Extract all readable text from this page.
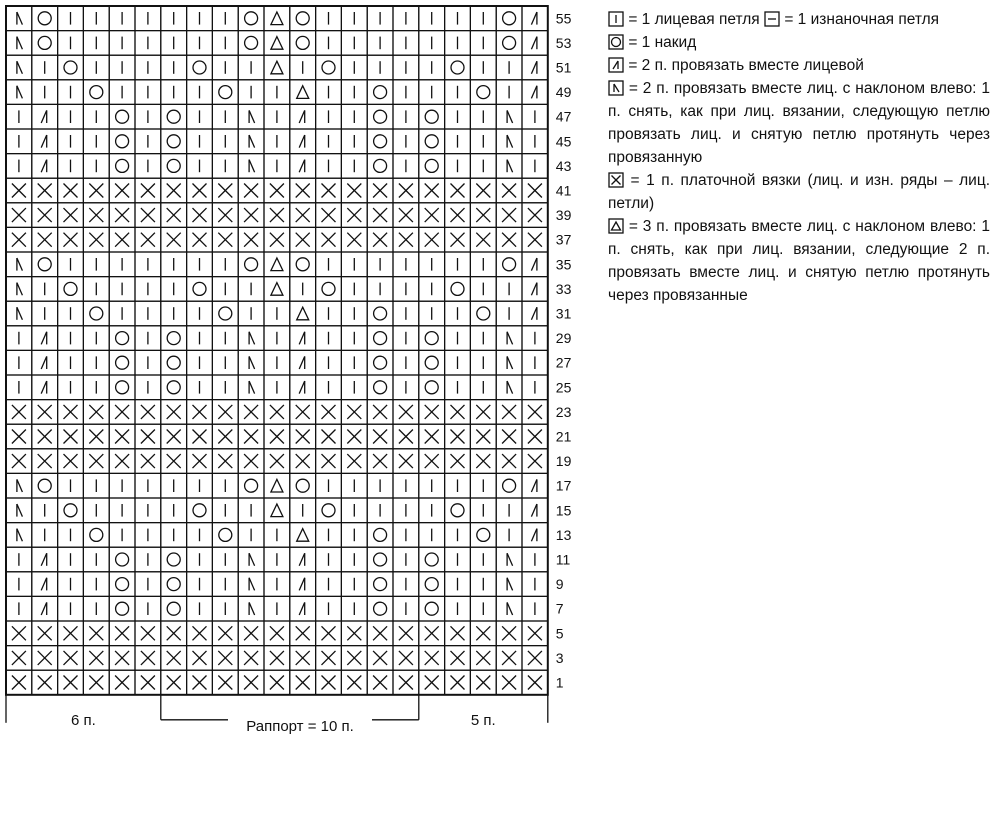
1
3
5
7
9
11
13
15
17
19
21
23
25
27
29
31
33
35
37
39
41
43
45
47
49
51
53
55
6 п.	Раппорт = 10 п.	5 п.

= 1 лицевая петля = 1 изнаночная петля

= 1 накид

= 2 п. провязать вместе лицевой

= 2 п. провязать вместе лиц. с наклоном влево: 1 п. снять, как при лиц. вязании, следующую петлю провязать лиц. и снятую петлю протянуть через провязанную

= 1 п. платочной вязки (лиц. и изн. ряды – лиц. петли)

= 3 п. провязать вместе лиц. с наклоном влево: 1 п. снять, как при лиц. вязании, следующие 2 п. провязать вместе лиц. и снятую петлю протянуть через провязанные
